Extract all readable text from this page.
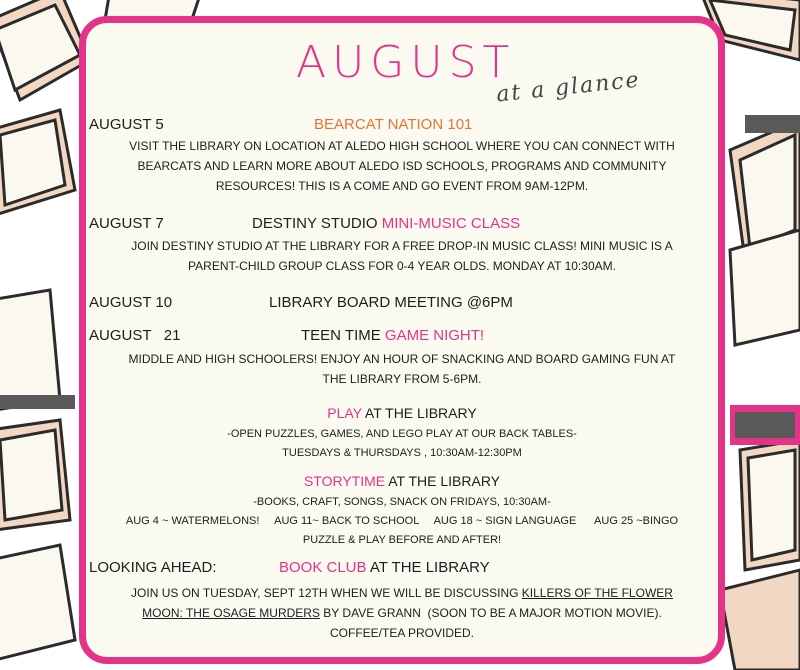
AUGUST
at a glance
AUGUST 5	BEARCAT NATION 101
VISIT THE LIBRARY ON LOCATION AT ALEDO HIGH SCHOOL WHERE YOU CAN CONNECT WITH
BEARCATS AND LEARN MORE ABOUT ALEDO ISD SCHOOLS, PROGRAMS AND COMMUNITY
RESOURCES! THIS IS A COME AND GO EVENT FROM 9AM-12PM.
AUGUST 7	DESTINY STUDIO MINI-MUSIC CLASS
JOIN DESTINY STUDIO AT THE LIBRARY FOR A FREE DROP-IN MUSIC CLASS! MINI MUSIC IS A
PARENT-CHILD GROUP CLASS FOR 0-4 YEAR OLDS. MONDAY AT 10:30AM.
AUGUST 10	LIBRARY BOARD MEETING @6PM
AUGUST   21	TEEN TIME GAME NIGHT!
MIDDLE AND HIGH SCHOOLERS! ENJOY AN HOUR OF SNACKING AND BOARD GAMING FUN AT
THE LIBRARY FROM 5-6PM.
PLAY AT THE LIBRARY
-OPEN PUZZLES, GAMES, AND LEGO PLAY AT OUR BACK TABLES-
TUESDAYS & THURSDAYS , 10:30AM-12:30PM
STORYTIME AT THE LIBRARY
-BOOKS, CRAFT, SONGS, SNACK ON FRIDAYS, 10:30AM-
AUG 4 ~ WATERMELONS!     AUG 11~ BACK TO SCHOOL     AUG 18 ~ SIGN LANGUAGE      AUG 25 ~BINGO
PUZZLE & PLAY BEFORE AND AFTER!
LOOKING AHEAD:	BOOK CLUB AT THE LIBRARY
JOIN US ON TUESDAY, SEPT 12TH WHEN WE WILL BE DISCUSSING KILLERS OF THE FLOWER
MOON: THE OSAGE MURDERS BY DAVE GRANN  (SOON TO BE A MAJOR MOTION MOVIE).
COFFEE/TEA PROVIDED.
